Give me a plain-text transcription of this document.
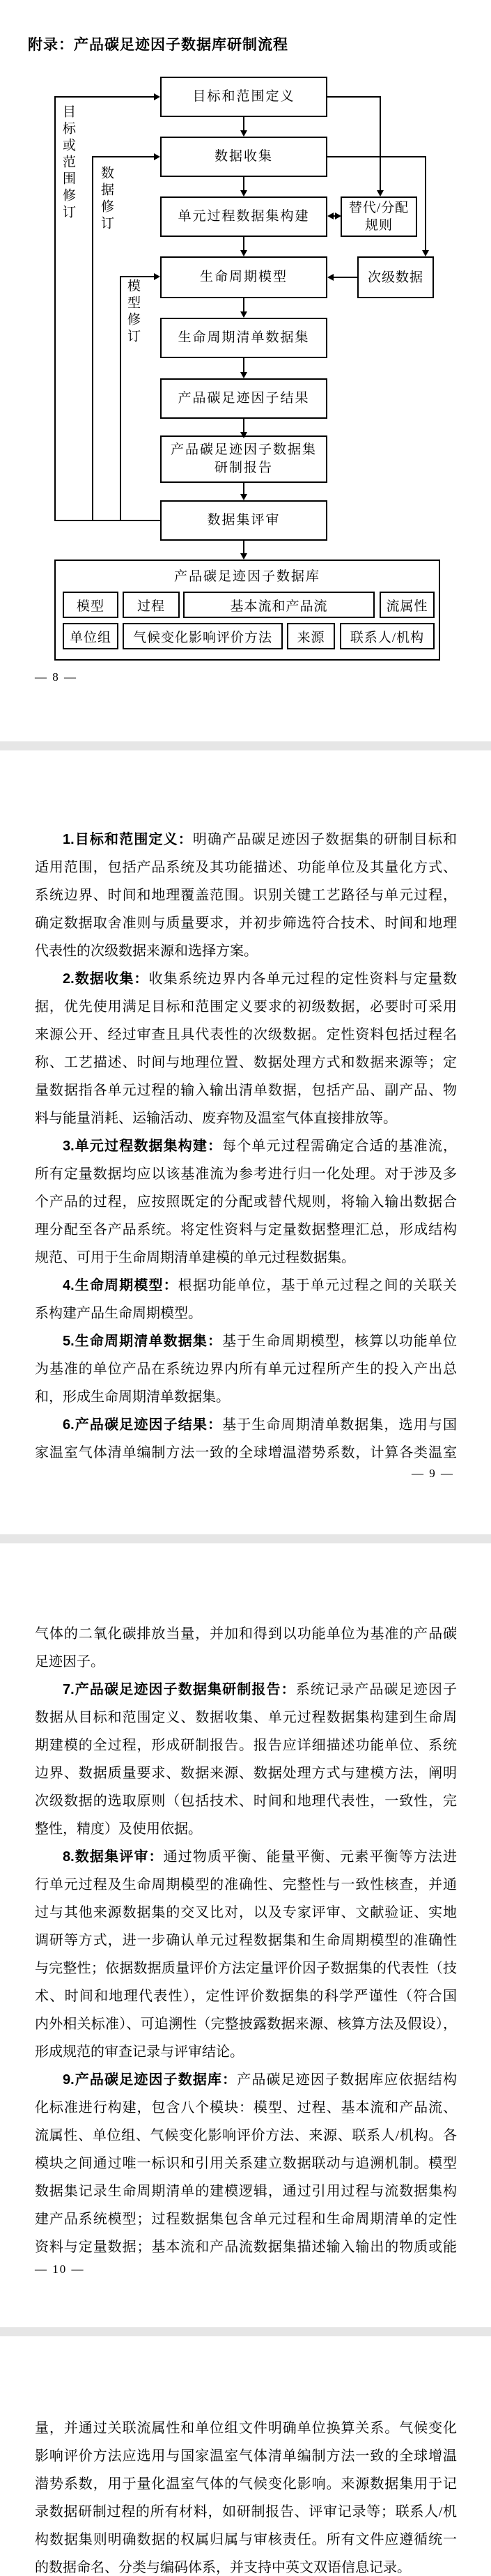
附录：产品碳足迹因子数据库研制流程
目标和范围定义
数据收集
单元过程数据集构建
生命周期模型
生命周期清单数据集
产品碳足迹因子结果
产品碳足迹因子数据集研制报告
数据集评审
替代/分配 规则
次级数据
目标或范围修订 数据修订
模型修订
产品碳足迹因子数据库
模型	过程	基本流和产品流	流属性
单位组	气候变化影响评价方法	来源	联系人/机构
— 8 —
1.目标和范围定义：明确产品碳足迹因子数据集的研制目标和
适用范围，包括产品系统及其功能描述、功能单位及其量化方式、
系统边界、时间和地理覆盖范围。识别关键工艺路径与单元过程，
确定数据取舍准则与质量要求，并初步筛选符合技术、时间和地理
代表性的次级数据来源和选择方案。
2.数据收集：收集系统边界内各单元过程的定性资料与定量数
据，优先使用满足目标和范围定义要求的初级数据，必要时可采用
来源公开、经过审查且具代表性的次级数据。定性资料包括过程名
称、工艺描述、时间与地理位置、数据处理方式和数据来源等；定
量数据指各单元过程的输入输出清单数据，包括产品、副产品、物
料与能量消耗、运输活动、废弃物及温室气体直接排放等。
3.单元过程数据集构建：每个单元过程需确定合适的基准流，
所有定量数据均应以该基准流为参考进行归一化处理。对于涉及多
个产品的过程，应按照既定的分配或替代规则，将输入输出数据合
理分配至各产品系统。将定性资料与定量数据整理汇总，形成结构
规范、可用于生命周期清单建模的单元过程数据集。
4.生命周期模型：根据功能单位，基于单元过程之间的关联关
系构建产品生命周期模型。
5.生命周期清单数据集：基于生命周期模型，核算以功能单位
为基准的单位产品在系统边界内所有单元过程所产生的投入产出总
和，形成生命周期清单数据集。
6.产品碳足迹因子结果：基于生命周期清单数据集，选用与国
家温室气体清单编制方法一致的全球增温潜势系数，计算各类温室
— 9 —
气体的二氧化碳排放当量，并加和得到以功能单位为基准的产品碳
足迹因子。
7.产品碳足迹因子数据集研制报告：系统记录产品碳足迹因子
数据从目标和范围定义、数据收集、单元过程数据集构建到生命周
期建模的全过程，形成研制报告。报告应详细描述功能单位、系统
边界、数据质量要求、数据来源、数据处理方式与建模方法，阐明
次级数据的选取原则（包括技术、时间和地理代表性，一致性，完
整性，精度）及使用依据。
8.数据集评审：通过物质平衡、能量平衡、元素平衡等方法进
行单元过程及生命周期模型的准确性、完整性与一致性核查，并通
过与其他来源数据集的交叉比对，以及专家评审、文献验证、实地
调研等方式，进一步确认单元过程数据集和生命周期模型的准确性
与完整性；依据数据质量评价方法定量评价因子数据集的代表性（技
术、时间和地理代表性），定性评价数据集的科学严谨性（符合国
内外相关标准）、可追溯性（完整披露数据来源、核算方法及假设），
形成规范的审查记录与评审结论。
9.产品碳足迹因子数据库：产品碳足迹因子数据库应依据结构
化标准进行构建，包含八个模块：模型、过程、基本流和产品流、
流属性、单位组、气候变化影响评价方法、来源、联系人/机构。各
模块之间通过唯一标识和引用关系建立数据联动与追溯机制。模型
数据集记录生命周期清单的建模逻辑，通过引用过程与流数据集构
建产品系统模型；过程数据集包含单元过程和生命周期清单的定性
资料与定量数据；基本流和产品流数据集描述输入输出的物质或能
— 10 —
量，并通过关联流属性和单位组文件明确单位换算关系。气候变化
影响评价方法应选用与国家温室气体清单编制方法一致的全球增温
潜势系数，用于量化温室气体的气候变化影响。来源数据集用于记
录数据研制过程的所有材料，如研制报告、评审记录等；联系人/机
构数据集则明确数据的权属归属与审核责任。所有文件应遵循统一
的数据命名、分类与编码体系，并支持中英文双语信息记录。
